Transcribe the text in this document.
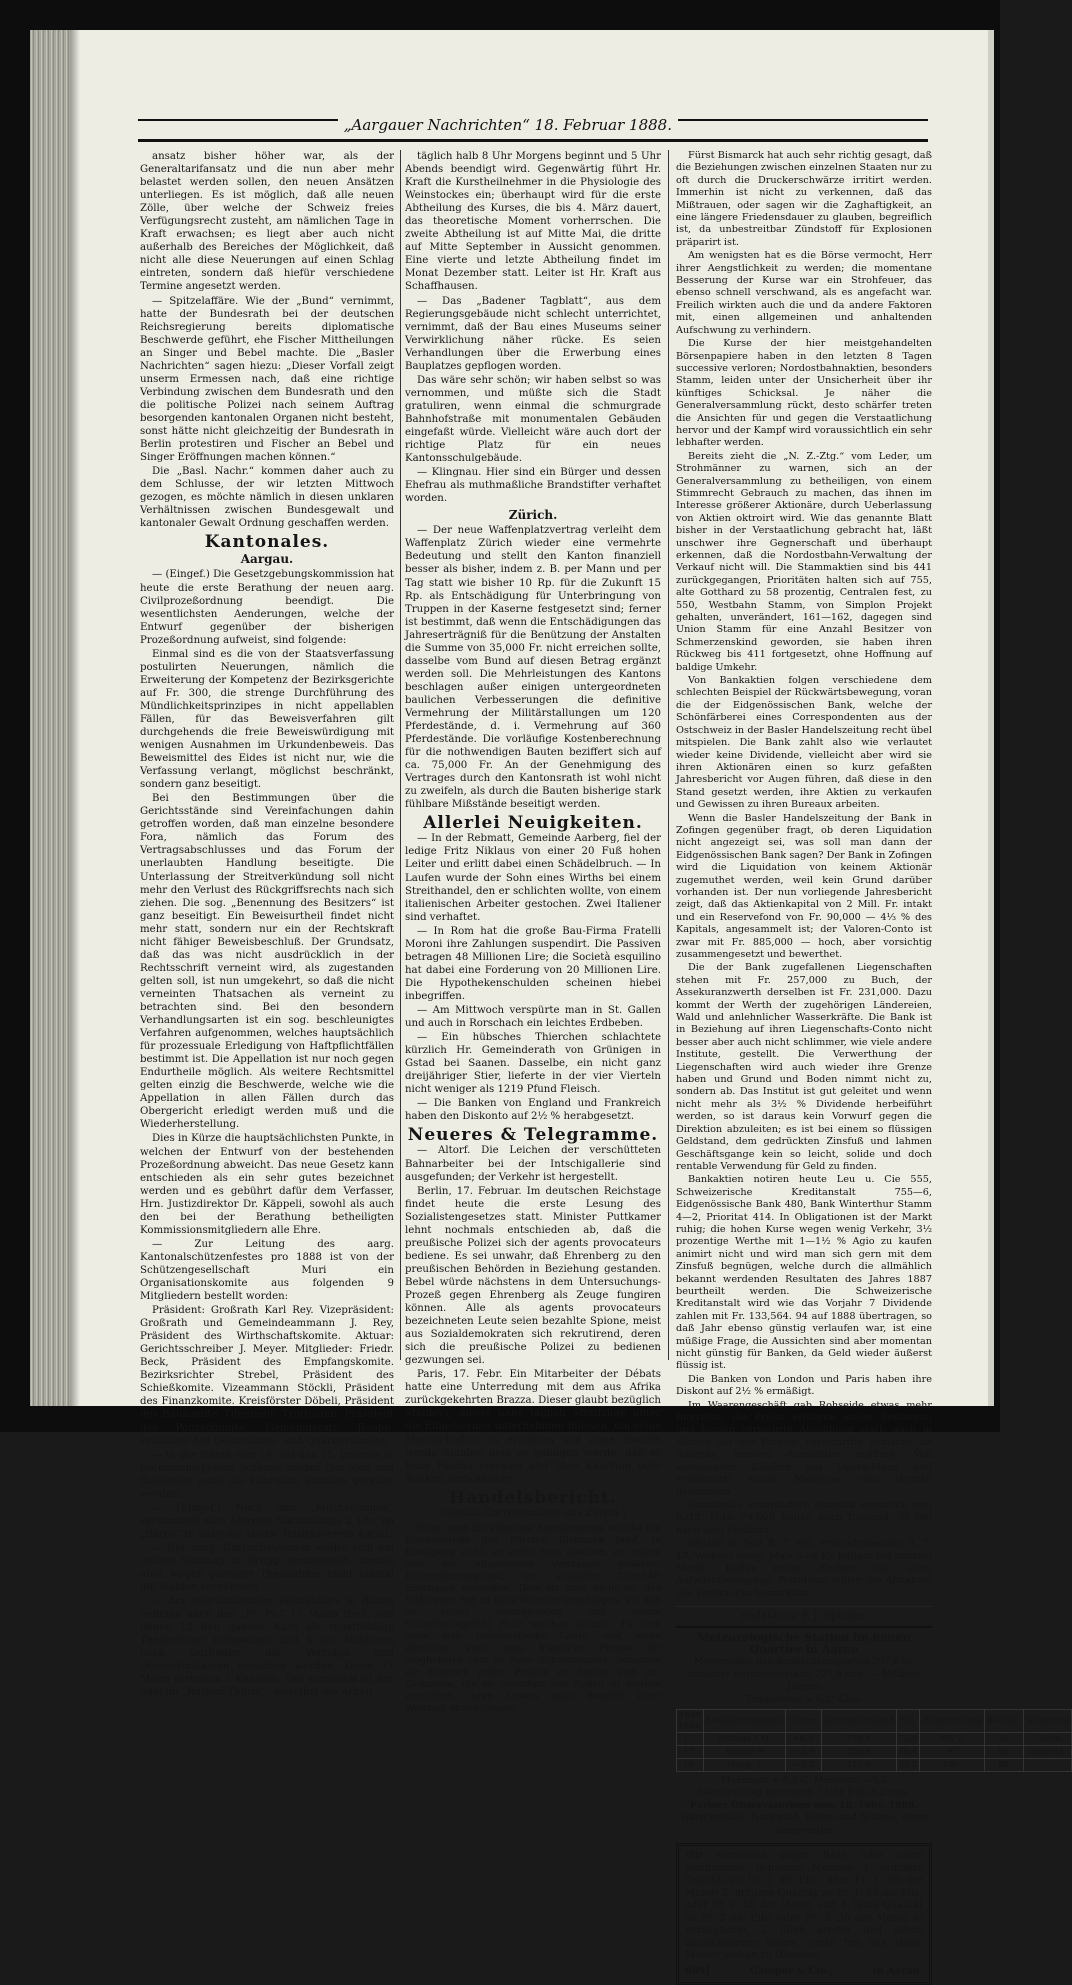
„Aargauer Nachrichten“ 18. Februar 1888.

ansatz bisher höher war, als der Generaltarifansatz und die nun aber mehr belastet werden sollen, den neuen Ansätzen unterliegen. Es ist möglich, daß alle neuen Zölle, über welche der Schweiz freies Verfügungsrecht zusteht, am nämlichen Tage in Kraft erwachsen; es liegt aber auch nicht außerhalb des Bereiches der Möglichkeit, daß nicht alle diese Neuerungen auf einen Schlag eintreten, sondern daß hiefür verschiedene Termine angesetzt werden.

— Spitzelaffäre. Wie der „Bund“ vernimmt, hatte der Bundesrath bei der deutschen Reichsregierung bereits diplomatische Beschwerde geführt, ehe Fischer Mittheilungen an Singer und Bebel machte. Die „Basler Nachrichten“ sagen hiezu: „Dieser Vorfall zeigt unserm Ermessen nach, daß eine richtige Verbindung zwischen dem Bundesrath und den die politische Polizei nach seinem Auftrag besorgenden kantonalen Organen nicht besteht, sonst hätte nicht gleichzeitig der Bundesrath in Berlin protestiren und Fischer an Bebel und Singer Eröffnungen machen können.“

Die „Basl. Nachr.“ kommen daher auch zu dem Schlusse, der wir letzten Mittwoch gezogen, es möchte nämlich in diesen unklaren Verhältnissen zwischen Bundesgewalt und kantonaler Gewalt Ordnung geschaffen werden.

Kantonales.
Aargau.

— (Eingef.) Die Gesetzgebungskommission hat heute die erste Berathung der neuen aarg. Civilprozeßordnung beendigt. Die wesentlichsten Aenderungen, welche der Entwurf gegenüber der bisherigen Prozeßordnung aufweist, sind folgende:

Einmal sind es die von der Staatsverfassung postulirten Neuerungen, nämlich die Erweiterung der Kompetenz der Bezirksgerichte auf Fr. 300, die strenge Durchführung des Mündlichkeitsprinzipes in nicht appellablen Fällen, für das Beweisverfahren gilt durchgehends die freie Beweiswürdigung mit wenigen Ausnahmen im Urkundenbeweis. Das Beweismittel des Eides ist nicht nur, wie die Verfassung verlangt, möglichst beschränkt, sondern ganz beseitigt.

Bei den Bestimmungen über die Gerichtsstände sind Vereinfachungen dahin getroffen worden, daß man einzelne besondere Fora, nämlich das Forum des Vertragsabschlusses und das Forum der unerlaubten Handlung beseitigte. Die Unterlassung der Streitverkündung soll nicht mehr den Verlust des Rückgriffsrechts nach sich ziehen. Die sog. „Benennung des Besitzers“ ist ganz beseitigt. Ein Beweisurtheil findet nicht mehr statt, sondern nur ein der Rechtskraft nicht fähiger Beweisbeschluß. Der Grundsatz, daß das was nicht ausdrücklich in der Rechtsschrift verneint wird, als zugestanden gelten soll, ist nun umgekehrt, so daß die nicht verneinten Thatsachen als verneint zu betrachten sind. Bei den besondern Verhandlungsarten ist ein sog. beschleunigtes Verfahren aufgenommen, welches hauptsächlich für prozessuale Erledigung von Haftpflichtfällen bestimmt ist. Die Appellation ist nur noch gegen Endurtheile möglich. Als weitere Rechtsmittel gelten einzig die Beschwerde, welche wie die Appellation in allen Fällen durch das Obergericht erledigt werden muß und die Wiederherstellung.

Dies in Kürze die hauptsächlichsten Punkte, in welchen der Entwurf von der bestehenden Prozeßordnung abweicht. Das neue Gesetz kann entschieden als ein sehr gutes bezeichnet werden und es gebührt dafür dem Verfasser, Hrn. Justizdirektor Dr. Käppeli, sowohl als auch den bei der Berathung betheiligten Kommissionsmitgliedern alle Ehre.

— Zur Leitung des aarg. Kantonalschützenfestes pro 1888 ist von der Schützengesellschaft Muri ein Organisationskomite aus folgenden 9 Mitgliedern bestellt worden:

Präsident: Großrath Karl Rey. Vizepräsident: Großrath und Gemeindeammann J. Rey, Präsident des Wirthschaftskomite. Aktuar: Gerichtsschreiber J. Meyer. Mitglieder: Friedr. Beck, Präsident des Empfangskomite. Bezirksrichter Strebel, Präsident des Schießkomite. Vizeammann Stöckli, Präsident des Finanzkomite. Kreisförster Döbeli, Präsident des Baukomite. Oberlieut. Trottmann, Präsident des Polizeikomite. Gemeinderath Ruepp, Präsident des Dekorations- und Quartierkomite.

— In der Nacht vom 14. auf den 15. brannte in Rottenschwyl eine Scheune nieder. Das Vieh und theilweise auch die Fahrhabe konnten gerettet werden.

— (Eingef.) Nach den „Mittheilungen“ versammelt sich Morgen Nachmittags 2 Uhr im „Bären“ in Suhr der landw. Bezirksverein Aarau.

— Der aarg. Gartenbauverein wollte sich am letzten Sonntag in Brugg versammeln, konnte aber wegen geringer Theilnahme nicht einmal die Wahlen vornehmen.

— Am interkantonalen Rebbaukurs in Baden nehmen nach der „Fr. Pr.“ 17 Mann theil, von denen 12 den ganzen Kurs als regelmäßige Theilnehmer mitmachen und 5 als Auditoren nach Gutfinden die Vorträge und Demonstrationen besuchen werden. Diese 17 Mann vertreten 5 Kantone. Das Kurslokal ist der Saal im „Rothen Thurm“, woselbst die Arbeit

täglich halb 8 Uhr Morgens beginnt und 5 Uhr Abends beendigt wird. Gegenwärtig führt Hr. Kraft die Kurstheilnehmer in die Physiologie des Weinstockes ein; überhaupt wird für die erste Abtheilung des Kurses, die bis 4. März dauert, das theoretische Moment vorherrschen. Die zweite Abtheilung ist auf Mitte Mai, die dritte auf Mitte September in Aussicht genommen. Eine vierte und letzte Abtheilung findet im Monat Dezember statt. Leiter ist Hr. Kraft aus Schaffhausen.

— Das „Badener Tagblatt“, aus dem Regierungsgebäude nicht schlecht unterrichtet, vernimmt, daß der Bau eines Museums seiner Verwirklichung näher rücke. Es seien Verhandlungen über die Erwerbung eines Bauplatzes gepflogen worden.

Das wäre sehr schön; wir haben selbst so was vernommen, und müßte sich die Stadt gratuliren, wenn einmal die schmurgrade Bahnhofstraße mit monumentalen Gebäuden eingefaßt würde. Vielleicht wäre auch dort der richtige Platz für ein neues Kantonsschulgebäude.

— Klingnau. Hier sind ein Bürger und dessen Ehefrau als muthmaßliche Brandstifter verhaftet worden.

Zürich.

— Der neue Waffenplatzvertrag verleiht dem Waffenplatz Zürich wieder eine vermehrte Bedeutung und stellt den Kanton finanziell besser als bisher, indem z. B. per Mann und per Tag statt wie bisher 10 Rp. für die Zukunft 15 Rp. als Entschädigung für Unterbringung von Truppen in der Kaserne festgesetzt sind; ferner ist bestimmt, daß wenn die Entschädigungen das Jahreserträgniß für die Benützung der Anstalten die Summe von 35,000 Fr. nicht erreichen sollte, dasselbe vom Bund auf diesen Betrag ergänzt werden soll. Die Mehrleistungen des Kantons beschlagen außer einigen untergeordneten baulichen Verbesserungen die definitive Vermehrung der Militärstallungen um 120 Pferdestände, d. i. Vermehrung auf 360 Pferdestände. Die vorläufige Kostenberechnung für die nothwendigen Bauten beziffert sich auf ca. 75,000 Fr. An der Genehmigung des Vertrages durch den Kantonsrath ist wohl nicht zu zweifeln, als durch die Bauten bisherige stark fühlbare Mißstände beseitigt werden.

Allerlei Neuigkeiten.

— In der Rebmatt, Gemeinde Aarberg, fiel der ledige Fritz Niklaus von einer 20 Fuß hohen Leiter und erlitt dabei einen Schädelbruch. — In Laufen wurde der Sohn eines Wirths bei einem Streithandel, den er schlichten wollte, von einem italienischen Arbeiter gestochen. Zwei Italiener sind verhaftet.

— In Rom hat die große Bau-Firma Fratelli Moroni ihre Zahlungen suspendirt. Die Passiven betragen 48 Millionen Lire; die Società esquilino hat dabei eine Forderung von 20 Millionen Lire. Die Hypothekenschulden scheinen hiebei inbegriffen.

— Am Mittwoch verspürte man in St. Gallen und auch in Rorschach ein leichtes Erdbeben.

— Ein hübsches Thierchen schlachtete kürzlich Hr. Gemeinderath von Grünigen in Gstad bei Saanen. Dasselbe, ein nicht ganz dreijähriger Stier, lieferte in der vier Vierteln nicht weniger als 1219 Pfund Fleisch.

— Die Banken von England und Frankreich haben den Diskonto auf 2½ % herabgesetzt.

Neueres & Telegramme.

— Altorf. Die Leichen der verschütteten Bahnarbeiter bei der Intschigallerie sind ausgefunden; der Verkehr ist hergestellt.

Berlin, 17. Februar. Im deutschen Reichstage findet heute die erste Lesung des Sozialistengesetzes statt. Minister Puttkamer lehnt nochmals entschieden ab, daß die preußische Polizei sich der agents provocateurs bediene. Es sei unwahr, daß Ehrenberg zu den preußischen Behörden in Beziehung gestanden. Bebel würde nächstens in dem Untersuchungs-Prozeß gegen Ehrenberg als Zeuge fungiren können. Alle als agents provocateurs bezeichneten Leute seien bezahlte Spione, meist aus Sozialdemokraten sich rekrutirend, deren sich die preußische Polizei zu bedienen gezwungen sei.

Paris, 17. Febr. Ein Mitarbeiter der Débats hatte eine Unterredung mit dem aus Afrika zurückgekehrten Brazza. Dieser glaubt bezüglich Stanleys, dieser habe täglich Streifzüge unter die Eingebornen unternehmen müssen, um seine Mannschaften zu ernähren und ohne Zweifel werde Stanley, dem es gelingen werde, daß er Emir Pascha erreiche und über Khartum oder Suakim zurückkehre.

Handelsbericht.
(Spezial-Correspondenz aus Zürich.)

Wenn man die allseitige Anerkennung, welche die Friedensrede des Fürsten Bismarck fand, in Erwägung zieht, so sollte man glauben, es müsse sich ein allgemeines Vertrauen größerer Unternehmungslust, ein lebhaftes Geschäft überhaupt einstellen. Dem ist aber nicht so, das Mißtrauen hat zu tiefe Wurzeln geschlagen, als daß es sofort verschwinden und einem Sicherheitsgefühl Platz machen könnte. Es sind eben sehr pessimistische Leute, und wenn dieselben auch eine friedliche Phrase für möglichstes thut in ihrer Schwarzkunst, benutzen sie dennoch jeden Punkte zu finden und mit Gedanken, die sie zwischen den Zeilen zu wittern verstehen, ihren Lesern hohe Begriffe ihrer Weisheit abzunöthigen.

Fürst Bismarck hat auch sehr richtig gesagt, daß die Beziehungen zwischen einzelnen Staaten nur zu oft durch die Druckerschwärze irritirt werden. Immerhin ist nicht zu verkennen, daß das Mißtrauen, oder sagen wir die Zaghaftigkeit, an eine längere Friedensdauer zu glauben, begreiflich ist, da unbestreitbar Zündstoff für Explosionen präparirt ist.

Am wenigsten hat es die Börse vermocht, Herr ihrer Aengstlichkeit zu werden; die momentane Besserung der Kurse war ein Strohfeuer, das ebenso schnell verschwand, als es angefacht war. Freilich wirkten auch die und da andere Faktoren mit, einen allgemeinen und anhaltenden Aufschwung zu verhindern.

Die Kurse der hier meistgehandelten Börsenpapiere haben in den letzten 8 Tagen successive verloren; Nordostbahnaktien, besonders Stamm, leiden unter der Unsicherheit über ihr künftiges Schicksal. Je näher die Generalversammlung rückt, desto schärfer treten die Ansichten für und gegen die Verstaatlichung hervor und der Kampf wird voraussichtlich ein sehr lebhafter werden.

Bereits zieht die „N. Z.-Ztg.“ vom Leder, um Strohmänner zu warnen, sich an der Generalversammlung zu betheiligen, von einem Stimmrecht Gebrauch zu machen, das ihnen im Interesse größerer Aktionäre, durch Ueberlassung von Aktien oktroirt wird. Wie das genannte Blatt bisher in der Verstaatlichung gebracht hat, läßt unschwer ihre Gegnerschaft und überhaupt erkennen, daß die Nordostbahn-Verwaltung der Verkauf nicht will. Die Stammaktien sind bis 441 zurückgegangen, Prioritäten halten sich auf 755, alte Gotthard zu 58 prozentig, Centralen fest, zu 550, Westbahn Stamm, von Simplon Projekt gehalten, unverändert, 161—162, dagegen sind Union Stamm für eine Anzahl Besitzer von Schmerzenskind geworden, sie haben ihren Rückweg bis 411 fortgesetzt, ohne Hoffnung auf baldige Umkehr.

Von Bankaktien folgen verschiedene dem schlechten Beispiel der Rückwärtsbewegung, voran die der Eidgenössischen Bank, welche der Schönfärberei eines Correspondenten aus der Ostschweiz in der Basler Handelszeitung recht übel mitspielen. Die Bank zahlt also wie verlautet wieder keine Dividende, vielleicht aber wird sie ihren Aktionären einen so kurz gefaßten Jahresbericht vor Augen führen, daß diese in den Stand gesetzt werden, ihre Aktien zu verkaufen und Gewissen zu ihren Bureaux arbeiten.

Wenn die Basler Handelszeitung der Bank in Zofingen gegenüber fragt, ob deren Liquidation nicht angezeigt sei, was soll man dann der Eidgenössischen Bank sagen? Der Bank in Zofingen wird die Liquidation von keinem Aktionär zugemuthet werden, weil kein Grund darüber vorhanden ist. Der nun vorliegende Jahresbericht zeigt, daß das Aktienkapital von 2 Mill. Fr. intakt und ein Reservefond von Fr. 90,000 — 4⅓ % des Kapitals, angesammelt ist; der Valoren-Conto ist zwar mit Fr. 885,000 — hoch, aber vorsichtig zusammengesetzt und bewerthet.

Die der Bank zugefallenen Liegenschaften stehen mit Fr. 257,000 zu Buch, der Assekuranzwerth derselben ist Fr. 231,000. Dazu kommt der Werth der zugehörigen Ländereien, Wald und anlehnlicher Wasserkräfte. Die Bank ist in Beziehung auf ihren Liegenschafts-Conto nicht besser aber auch nicht schlimmer, wie viele andere Institute, gestellt. Die Verwerthung der Liegenschaften wird auch wieder ihre Grenze haben und Grund und Boden nimmt nicht zu, sondern ab. Das Institut ist gut geleitet und wenn nicht mehr als 3½ % Dividende herbeiführt werden, so ist daraus kein Vorwurf gegen die Direktion abzuleiten; es ist bei einem so flüssigen Geldstand, dem gedrückten Zinsfuß und lahmen Geschäftsgange kein so leicht, solide und doch rentable Verwendung für Geld zu finden.

Bankaktien notiren heute Leu u. Cie 555, Schweizerische Kreditanstalt 755—6, Eidgenössische Bank 480, Bank Winterthur Stamm 4—2, Prioritat 414. In Obligationen ist der Markt ruhig; die hohen Kurse wegen wenig Verkehr, 3½ prozentige Werthe mit 1—1½ % Agio zu kaufen animirt nicht und wird man sich gern mit dem Zinsfuß begnügen, welche durch die allmählich bekannt werdenden Resultaten des Jahres 1887 beurtheilt werden. Die Schweizerische Kreditanstalt wird wie das Vorjahr 7 Dividende zahlen mit Fr. 133,564. 94 auf 1888 übertragen, so daß Jahr ebenso günstig verlaufen war, ist eine müßige Frage, die Aussichten sind aber momentan nicht günstig für Banken, da Geld wieder äußerst flüssig ist.

Die Banken von London und Paris haben ihre Diskont auf 2½ % ermäßigt.

Im Waarengeschäft gab Rohseide etwas mehr Interesse, die Preise erfuhren einige Besserung und fanden vermehrte Abschlüsse statt; auch in Stoffen hat der Verkehr Fortschritte gemacht, da Amerika bessere Aussichten eröffnet. Von anwesenden Käufern aus Deutschland und Frankreich wurde Mehreres vom Vorrath genommen.

Baumwolle unverändert; Amerika versandte vom 6./13. Febr. 74,000 Ballen nach England, 38,000 nach dem Festland.

Weizen in Pest fl. 7. 6½, Frühjahrsweizen fl. 7. 17. Verkehr ruhig. Mais 5—6 Kr. billiger bei mattem Markt. Kaffee ruhig. Zucker fest, ohne Aufwärtsbewegung. Petroleum stiller; die Abnahme des Verbrauchs bemerkbar.

Redaktion: F. J. Spühler.
Meteorologische Station im neuen Quartier in Aarau

Meereshöhe des Beobachtungsortes 397,6 m.

mittlerer Barometerstand 727,8 mm. — Mittlere Jahres-

Temperatur + 8,2° Cels.

1888 Febr.	Beobachtungszeit	Therm.	Barometerstand	Rel.	Windrichtung	Bewölk.	Witterung
17.	Mittags 1 U.	+0,4	719,4	75,4	NW¹/₂	56	1.Schn.
17.	Abends 9	—2,0	720,6	75,4	W¹	86	bedeckt.
18.	Morg. 7	—5,2	717,9	75,2	SW₀	88	

Maximum + 0,8 C. Minimum —5,2

Niederschlag gemessen 7 Uhr früh 4,2 mm.

Pariser Observatorium vom 18. Febr. 1888.

Warscheinlich Nordwind, Regen und Schnee, einen Temperatur.

Wir versenden gegen Baar, oder unter Nachnahme: Schwarze Merinos: 1. ordinäre Qualität zu Fr. 1 die Elle, oder Fr. 1. 65 der Meter; 2. mittlere Qualität zu Fr. 1. 50 die Elle, oder Fr. 2. 50 der Meter, und 3. feine Qualität zu Fr. 2 die Elle, oder Fr. 3. 30 der Meter, in vorzüglicher, 2 Ellen breiter und schön blauschwarzer Waare, porto frei in's Haus. Muster stehen zu Diensten.
609]	Gamper & Cie.,	in Aarau.
